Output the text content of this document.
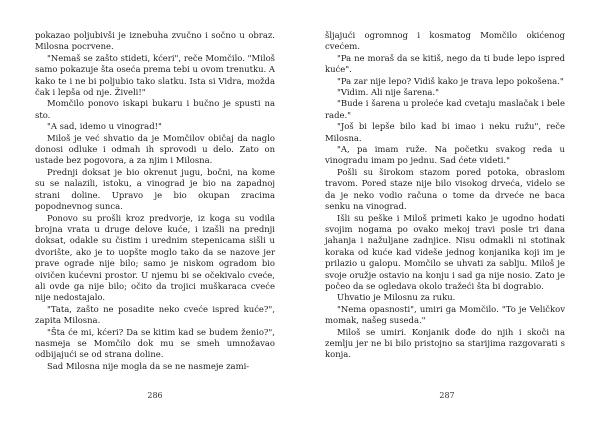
pokazao poljubivši je iznebuha zvučno i sočno u obraz. Milosna pocrvene.

"Nemaš se zašto stideti, kćeri", reče Momčilo. "Miloš samo pokazuje šta oseća prema tebi u ovom trenutku. A kako te i ne bi poljubio tako slatku. Ista si Vidra, možda čak i lepša od nje. Živeli!"

Momčilo ponovo iskapi bukaru i bučno je spusti na sto.

"A sad, idemo u vinograd!"

Miloš je već shvatio da je Momčilov običaj da naglo donosi odluke i odmah ih sprovodi u delo. Zato on ustade bez pogovora, a za njim i Milosna.

Prednji doksat je bio okrenut jugu, bočni, na kome su se nalazili, istoku, a vinograd je bio na zapadnoj strani doline. Upravo je bio okupan zracima popodnevnog sunca.

Ponovo su prošli kroz predvorje, iz koga su vodila brojna vrata u druge delove kuće, i izašli na prednji doksat, odakle su čistim i urednim stepenicama sišli u dvorište, ako je to uopšte moglo tako da se nazove jer prave ograde nije bilo; samo je niskom ogradom bio oivičen kućevni prostor. U njemu bi se očekivalo cveće, ali ovde ga nije bilo; očito da trojici muškaraca cveće nije nedostajalo.

"Tata, zašto ne posadite neko cveće ispred kuće?", zapita Milosna.

"Šta će mi, kćeri? Da se kitim kad se budem ženio?", nasmeja se Momčilo dok mu se smeh umnožavao odbijajući se od strana doline.

Sad Milosna nije mogla da se ne nasmeje zami-

286

šljajući ogromnog i kosmatog Momčilo okićenog cvećem.

"Pa ne moraš da se kitiš, nego da ti bude lepo ispred kuće".

"Pa zar nije lepo? Vidiš kako je trava lepo pokošena."

"Vidim. Ali nije šarena."

"Bude i šarena u proleće kad cvetaju maslačak i bele rade."

"Još bi lepše bilo kad bi imao i neku ružu", reče Milosna.

"A, pa imam ruže. Na početku svakog reda u vinogradu imam po jednu. Sad ćete videti."

Pošli su širokom stazom pored potoka, obraslom travom. Pored staze nije bilo visokog drveća, videlo se da je neko vodio računa o tome da drveće ne baca senku na vinograd.

Išli su peške i Miloš primeti kako je ugodno hodati svojim nogama po ovako mekoj travi posle tri dana jahanja i nažuljane zadnjice. Nisu odmakli ni stotinak koraka od kuće kad videše jednog konjanika koji im je prilazio u galopu. Momčilo se uhvati za sablju. Miloš je svoje oružje ostavio na konju i sad ga nije nosio. Zato je počeo da se ogledava okolo tražeći šta bi dograbio.

Uhvatio je Milosnu za ruku.

"Nema opasnosti", umiri ga Momčilo. "To je Veličkov momak, našeg suseda."

Miloš se umiri. Konjanik dođe do njih i skoči na zemlju jer ne bi bilo pristojno sa starijima razgovarati s konja.

287
